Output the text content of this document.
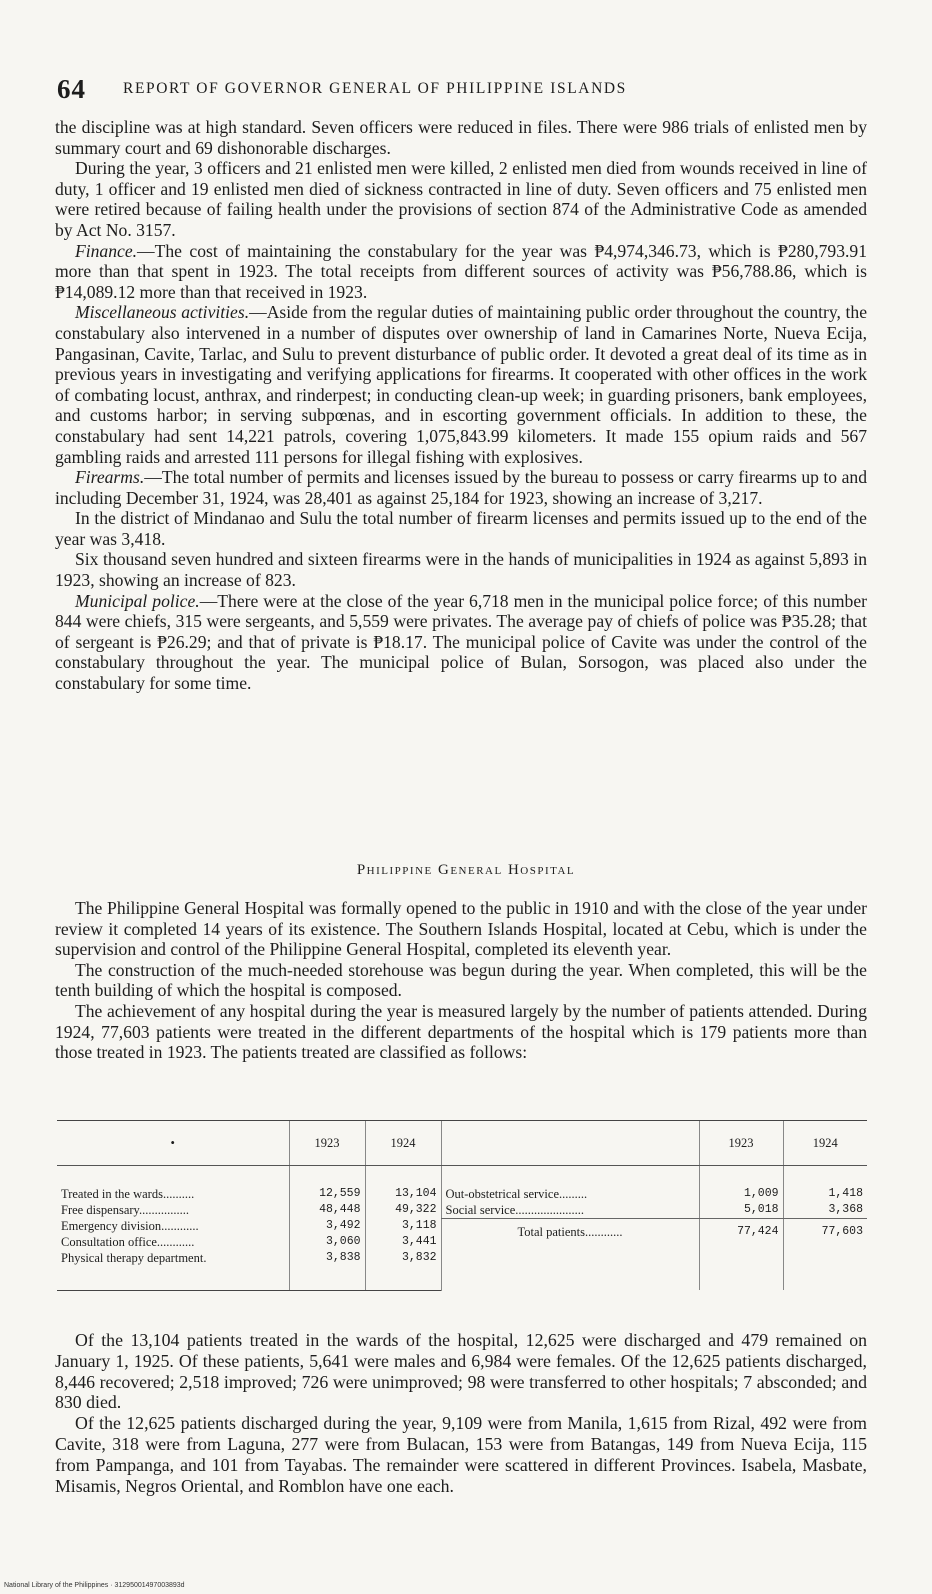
64 REPORT OF GOVERNOR GENERAL OF PHILIPPINE ISLANDS

the discipline was at high standard. Seven officers were reduced in files. There were 986 trials of enlisted men by summary court and 69 dishonorable discharges.

During the year, 3 officers and 21 enlisted men were killed, 2 enlisted men died from wounds received in line of duty, 1 officer and 19 enlisted men died of sickness contracted in line of duty. Seven officers and 75 enlisted men were retired because of failing health under the provisions of section 874 of the Administrative Code as amended by Act No. 3157.

Finance.—The cost of maintaining the constabulary for the year was ₱4,974,346.73, which is ₱280,793.91 more than that spent in 1923. The total receipts from different sources of activity was ₱56,788.86, which is ₱14,089.12 more than that received in 1923.

Miscellaneous activities.—Aside from the regular duties of maintaining public order throughout the country, the constabulary also intervened in a number of disputes over ownership of land in Camarines Norte, Nueva Ecija, Pangasinan, Cavite, Tarlac, and Sulu to prevent disturbance of public order. It devoted a great deal of its time as in previous years in investigating and verifying applications for firearms. It cooperated with other offices in the work of combating locust, anthrax, and rinderpest; in conducting clean-up week; in guarding prisoners, bank employees, and customs harbor; in serving subpœnas, and in escorting government officials. In addition to these, the constabulary had sent 14,221 patrols, covering 1,075,843.99 kilometers. It made 155 opium raids and 567 gambling raids and arrested 111 persons for illegal fishing with explosives.

Firearms.—The total number of permits and licenses issued by the bureau to possess or carry firearms up to and including December 31, 1924, was 28,401 as against 25,184 for 1923, showing an increase of 3,217.

In the district of Mindanao and Sulu the total number of firearm licenses and permits issued up to the end of the year was 3,418.

Six thousand seven hundred and sixteen firearms were in the hands of municipalities in 1924 as against 5,893 in 1923, showing an increase of 823.

Municipal police.—There were at the close of the year 6,718 men in the municipal police force; of this number 844 were chiefs, 315 were sergeants, and 5,559 were privates. The average pay of chiefs of police was ₱35.28; that of sergeant is ₱26.29; and that of private is ₱18.17. The municipal police of Cavite was under the control of the constabulary throughout the year. The municipal police of Bulan, Sorsogon, was placed also under the constabulary for some time.

Philippine General Hospital

The Philippine General Hospital was formally opened to the public in 1910 and with the close of the year under review it completed 14 years of its existence. The Southern Islands Hospital, located at Cebu, which is under the supervision and control of the Philippine General Hospital, completed its eleventh year.

The construction of the much-needed storehouse was begun during the year. When completed, this will be the tenth building of which the hospital is composed.

The achievement of any hospital during the year is measured largely by the number of patients attended. During 1924, 77,603 patients were treated in the different departments of the hospital which is 179 patients more than those treated in 1923. The patients treated are classified as follows:

•	1923	1924		1923	1924

Treated in the wards..........	12,559	13,104	Out-obstetrical service.........	1,009	1,418
Free dispensary................	48,448	49,322	Social service......................	5,018	3,368
Emergency division............	3,492	3,118	Total patients............	77,424	77,603
Consultation office............	3,060	3,441			
Physical therapy department.	3,838	3,832			

Of the 13,104 patients treated in the wards of the hospital, 12,625 were discharged and 479 remained on January 1, 1925. Of these patients, 5,641 were males and 6,984 were females. Of the 12,625 patients discharged, 8,446 recovered; 2,518 improved; 726 were unimproved; 98 were transferred to other hospitals; 7 absconded; and 830 died.

Of the 12,625 patients discharged during the year, 9,109 were from Manila, 1,615 from Rizal, 492 were from Cavite, 318 were from Laguna, 277 were from Bulacan, 153 were from Batangas, 149 from Nueva Ecija, 115 from Pampanga, and 101 from Tayabas. The remainder were scattered in different Provinces. Isabela, Masbate, Misamis, Negros Oriental, and Romblon have one each.

National Library of the Philippines · 31295001497003893d
